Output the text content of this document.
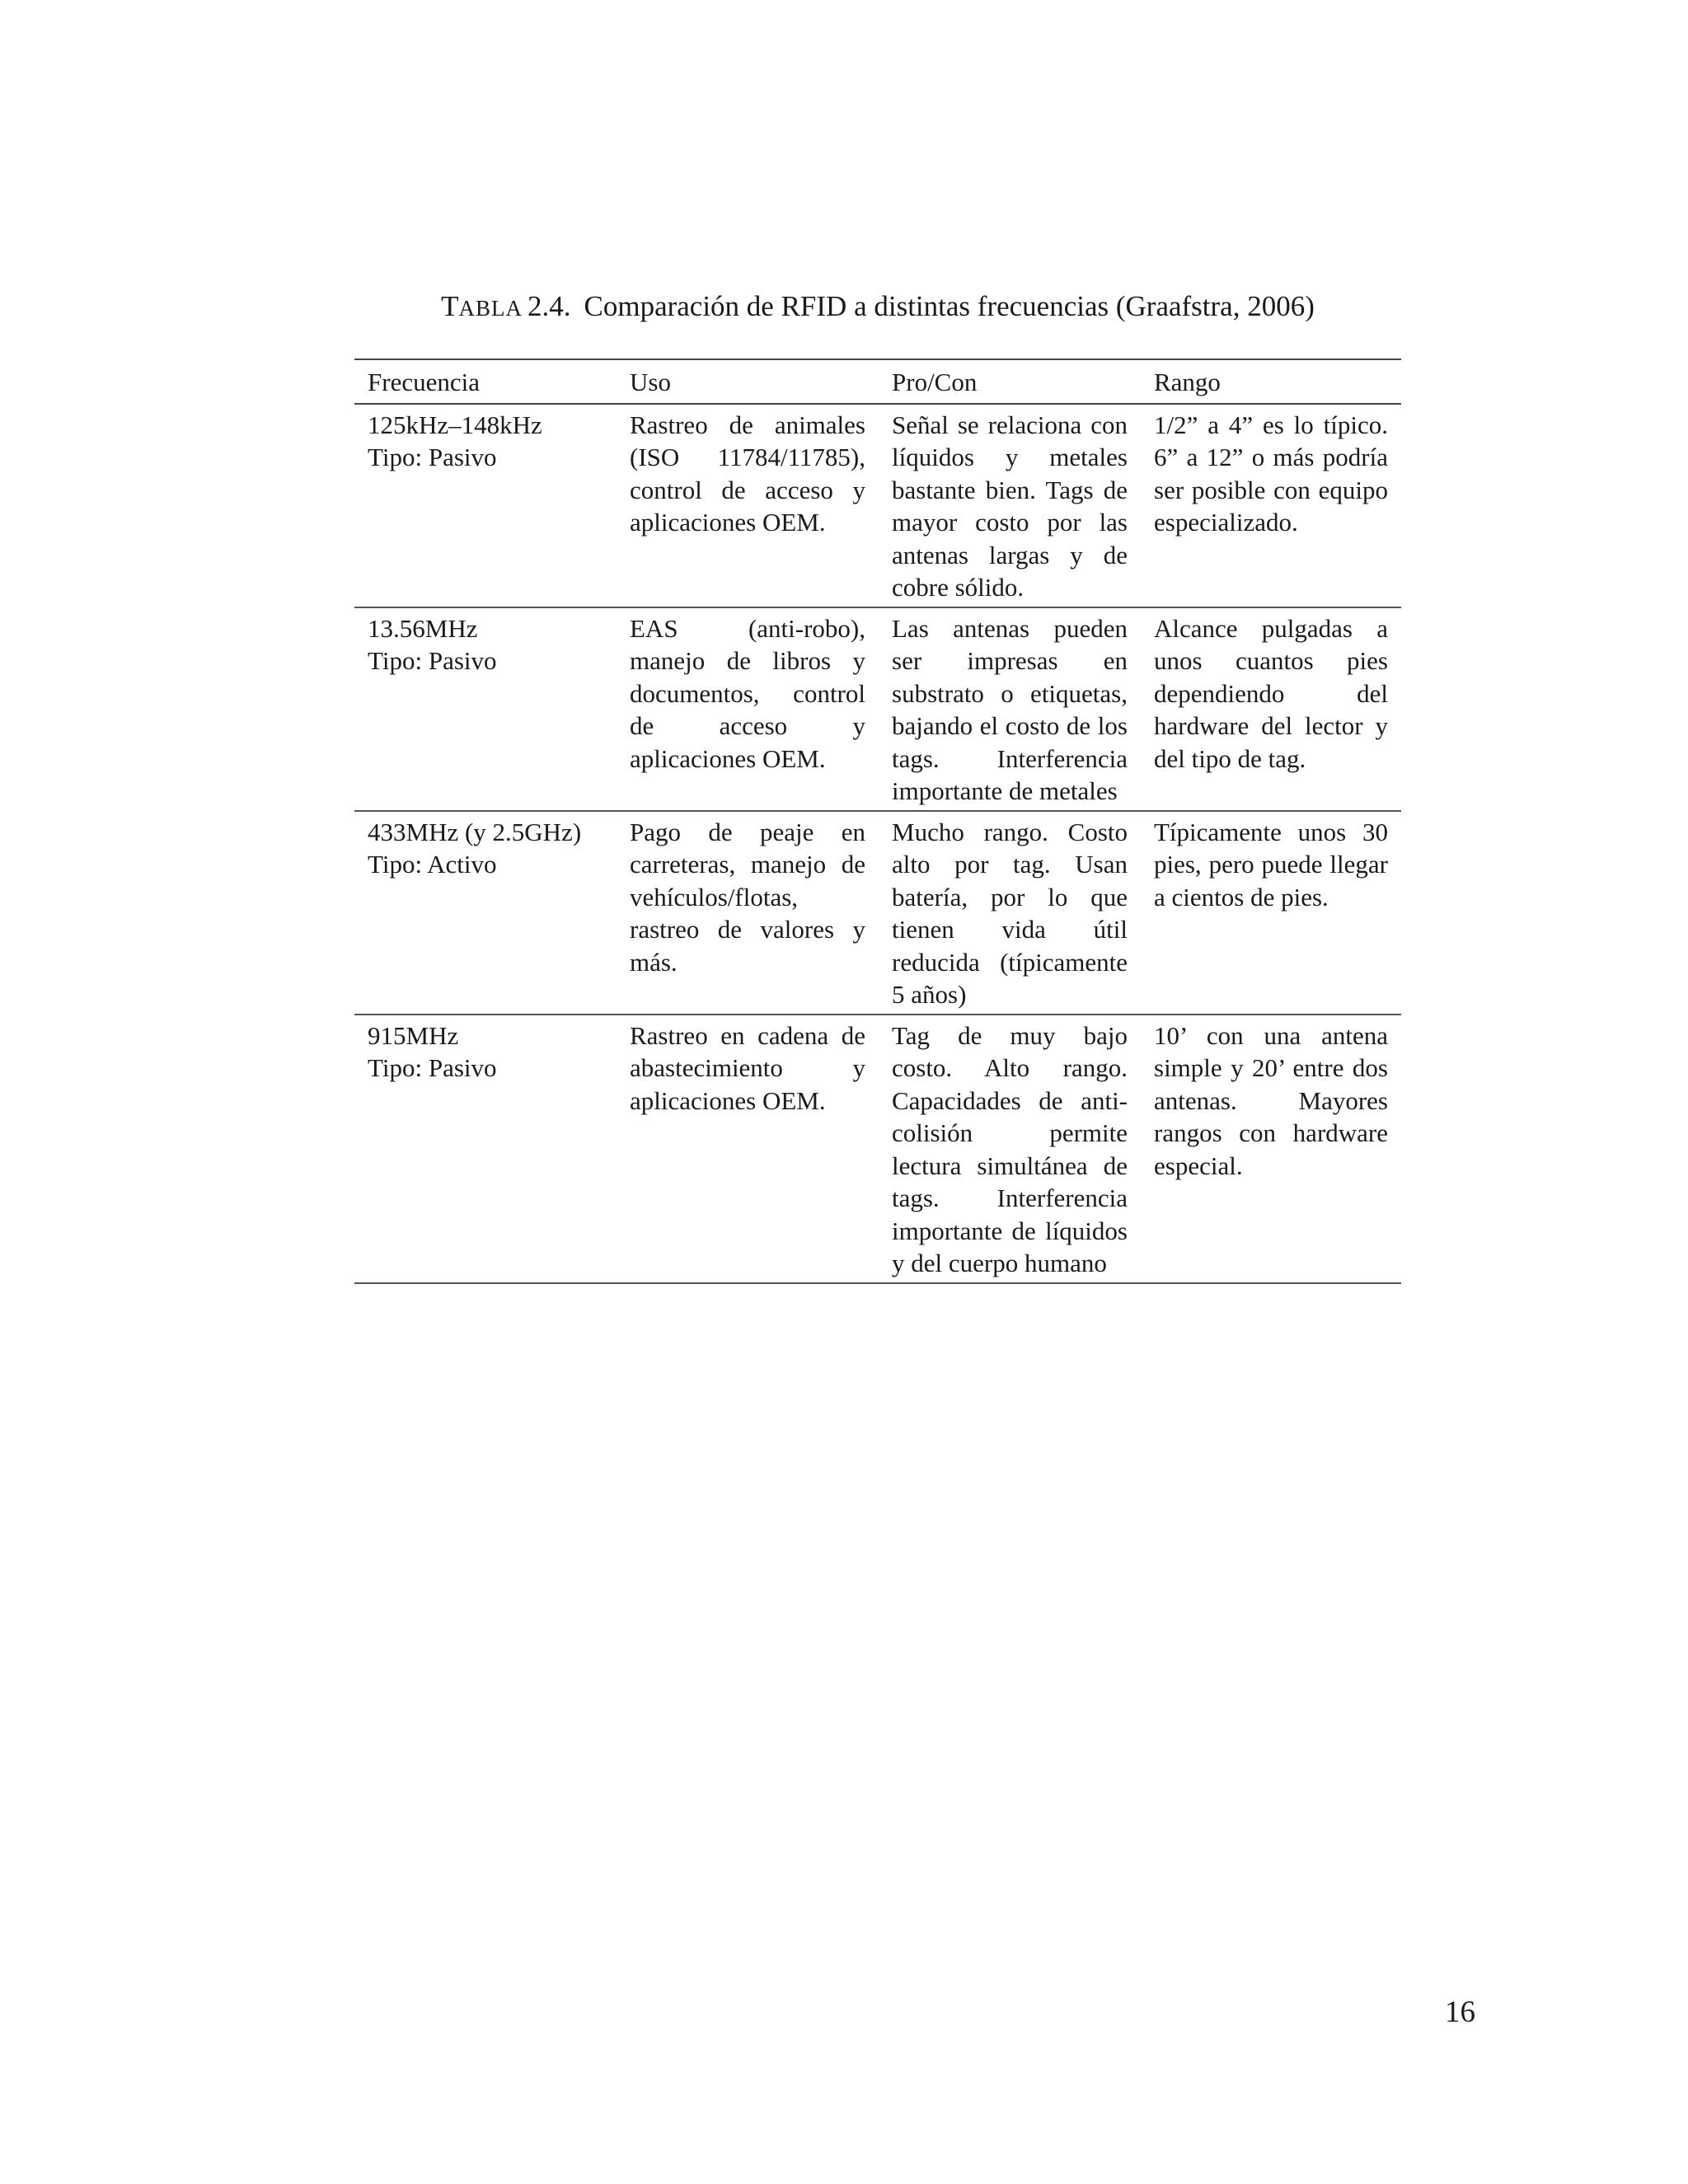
TABLA 2.4. Comparación de RFID a distintas frecuencias (Graafstra, 2006)
Frecuencia	Uso	Pro/Con	Rango

125kHz–148kHz
Tipo: Pasivo	Rastreo de animales (ISO 11784/11785), control de acceso y aplicaciones OEM.	Señal se relaciona con líquidos y metales bastante bien. Tags de mayor costo por las antenas largas y de cobre sólido.	1/2” a 4” es lo típico. 6” a 12” o más podría ser posible con equipo especializado.

13.56MHz
Tipo: Pasivo	EAS (anti-robo), manejo de libros y documentos, control de acceso y aplicaciones OEM.	Las antenas pueden ser impresas en substrato o etiquetas, bajando el costo de los tags. Interferencia importante de metales	Alcance pulgadas a unos cuantos pies dependiendo del hardware del lector y del tipo de tag.

433MHz (y 2.5GHz)
Tipo: Activo	Pago de peaje en carreteras, manejo de vehículos/flotas, rastreo de valores y más.	Mucho rango. Costo alto por tag. Usan batería, por lo que tienen vida útil reducida (típicamente 5 años)	Típicamente unos 30 pies, pero puede llegar a cientos de pies.

915MHz
Tipo: Pasivo	Rastreo en cadena de abastecimiento y aplicaciones OEM.	Tag de muy bajo costo. Alto rango. Capacidades de anti-colisión permite lectura simultánea de tags. Interferencia importante de líquidos y del cuerpo humano	10’ con una antena simple y 20’ entre dos antenas. Mayores rangos con hardware especial.
16
